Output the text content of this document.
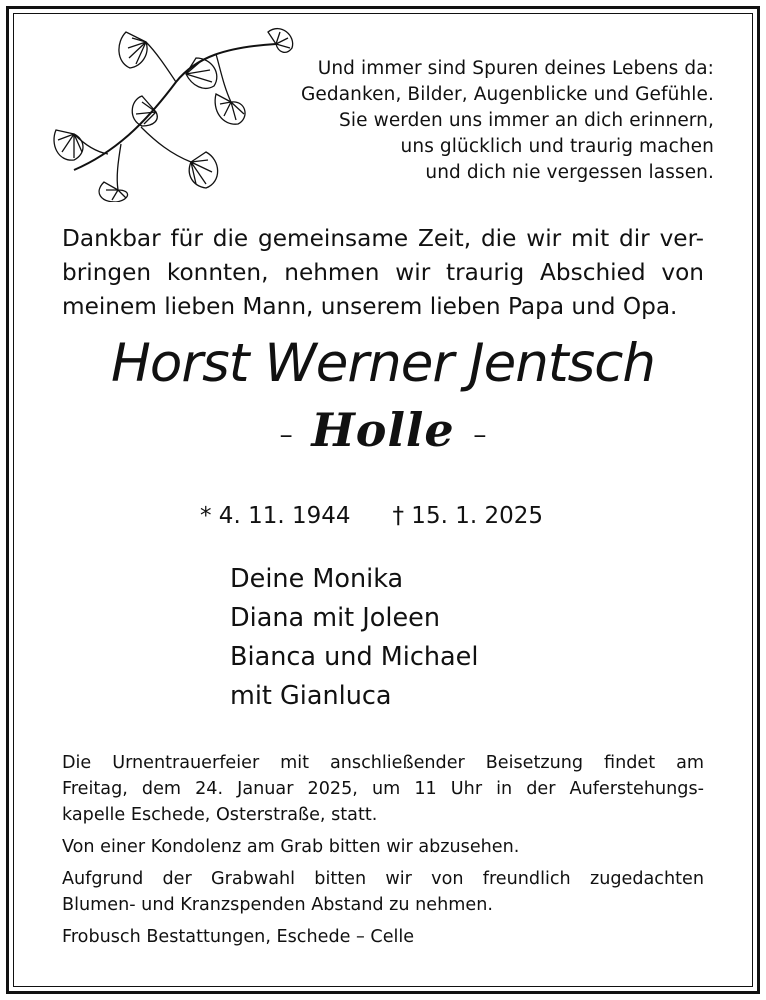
Und immer sind Spuren deines Lebens da:
Gedanken, Bilder, Augenblicke und Gefühle.
Sie werden uns immer an dich erinnern,
uns glücklich und traurig machen
und dich nie vergessen lassen.
Dankbar für die gemeinsame Zeit, die wir mit dir ver-
bringen konnten, nehmen wir traurig Abschied von
meinem lieben Mann, unserem lieben Papa und Opa.
Horst Werner Jentsch
– Holle –
* 4. 11. 1944 † 15. 1. 2025
Deine Monika
Diana mit Joleen
Bianca und Michael
mit Gianluca
Die Urnentrauerfeier mit anschließender Beisetzung findet am
Freitag, dem 24. Januar 2025, um 11 Uhr in der Auferstehungs-
kapelle Eschede, Osterstraße, statt.
Von einer Kondolenz am Grab bitten wir abzusehen.
Aufgrund der Grabwahl bitten wir von freundlich zugedachten
Blumen- und Kranzspenden Abstand zu nehmen.
Frobusch Bestattungen, Eschede – Celle
